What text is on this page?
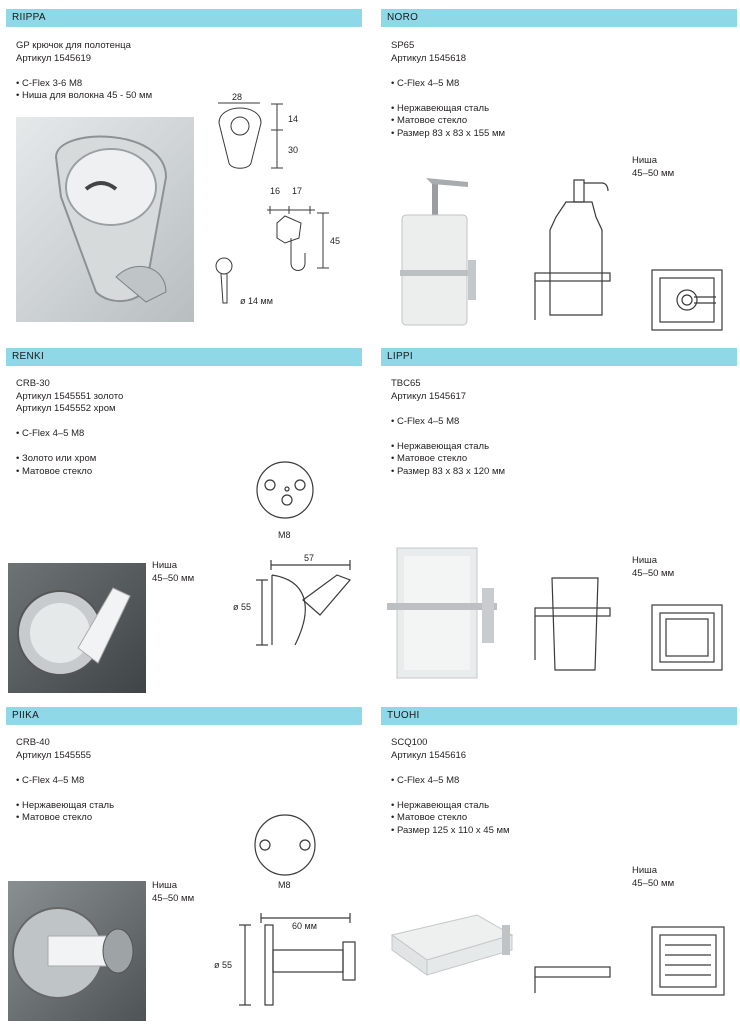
RIIPPA
GP крючок для полотенца
Артикул 1545619
• C-Flex 3-6 M8
• Ниша для волокна 45 - 50 мм	28
14
30
16 17
45
ø 14 мм
NORO
SP65
Артикул 1545618
• C-Flex 4–5 M8
• Нержавеющая сталь
• Матовое стекло
• Размер 83 x 83 x 155 мм
Ниша
45–50 мм
RENKI
CRB-30
Артикул 1545551 золото
Артикул 1545552 хром
• C-Flex 4–5 M8
• Золото или хром
• Матовое стекло
Ниша
45–50 мм
M8
57
ø 55
LIPPI
TBC65
Артикул 1545617
• C-Flex 4–5 M8
• Нержавеющая сталь
• Матовое стекло
• Размер 83 x 83 x 120 мм
Ниша
45–50 мм
PIIKA
CRB-40
Артикул 1545555
• C-Flex 4–5 M8
• Нержавеющая сталь
• Матовое стекло
Ниша
45–50 мм
M8
60 мм
ø 55
TUOHI
SCQ100
Артикул 1545616
• C-Flex 4–5 M8
• Нержавеющая сталь
• Матовое стекло
• Размер 125 x 110 x 45 мм
Ниша
45–50 мм
